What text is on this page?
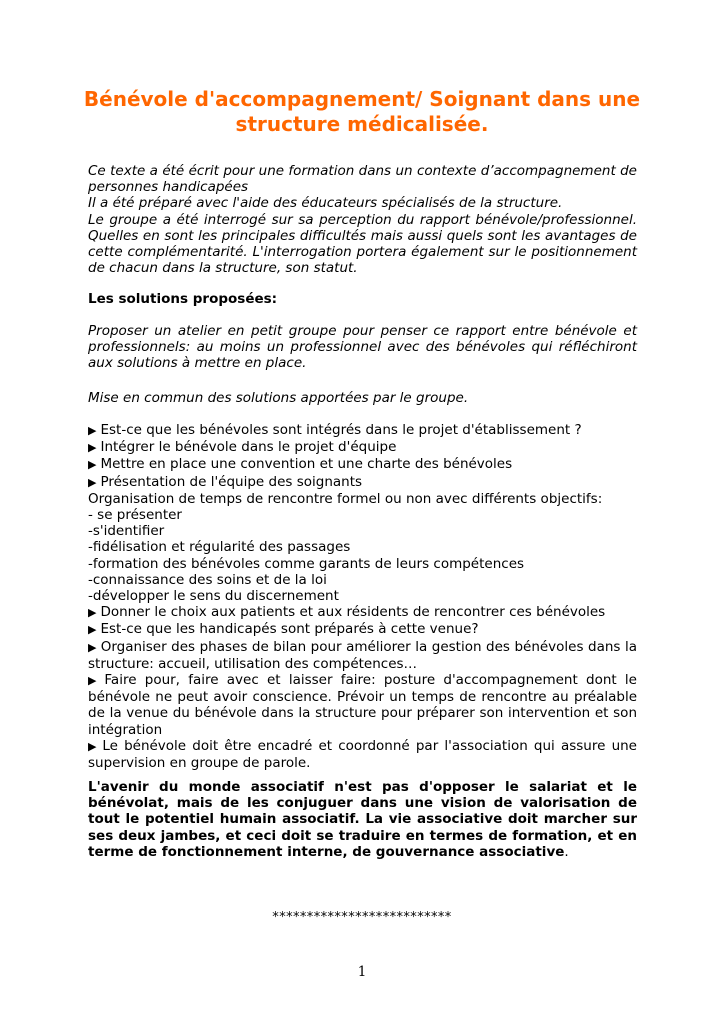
Bénévole d'accompagnement/ Soignant dans une structure médicalisée.

Ce texte a été écrit pour une formation dans un contexte d’accompagnement de personnes handicapées
Il a été préparé avec l'aide des éducateurs spécialisés de la structure.
Le groupe a été interrogé sur sa perception du rapport bénévole/professionnel. Quelles en sont les principales difficultés mais aussi quels sont les avantages de cette complémentarité. L'interrogation portera également sur le positionnement de chacun dans la structure, son statut.

Les solutions proposées:

Proposer un atelier en petit groupe pour penser ce rapport entre bénévole et professionnels: au moins un professionnel avec des bénévoles qui réfléchiront aux solutions à mettre en place.

Mise en commun des solutions apportées par le groupe.

▶ Est-ce que les bénévoles sont intégrés dans le projet d'établissement ?
▶ Intégrer le bénévole dans le projet d'équipe
▶ Mettre en place une convention et une charte des bénévoles
▶ Présentation de l'équipe des soignants
Organisation de temps de rencontre formel ou non avec différents objectifs:
- se présenter
-s'identifier
-fidélisation et régularité des passages
-formation des bénévoles comme garants de leurs compétences
-connaissance des soins et de la loi
-développer le sens du discernement
▶ Donner le choix aux patients et aux résidents de rencontrer ces bénévoles
▶ Est-ce que les handicapés sont préparés à cette venue?
▶ Organiser des phases de bilan pour améliorer la gestion des bénévoles dans la structure: accueil, utilisation des compétences…
▶ Faire pour, faire avec et laisser faire: posture d'accompagnement dont le bénévole ne peut avoir conscience. Prévoir un temps de rencontre au préalable de la venue du bénévole dans la structure pour préparer son intervention et son intégration
▶ Le bénévole doit être encadré et coordonné par l'association qui assure une supervision en groupe de parole.

L'avenir du monde associatif n'est pas d'opposer le salariat et le bénévolat, mais de les conjuguer dans une vision de valorisation de tout le potentiel humain associatif. La vie associative doit marcher sur ses deux jambes, et ceci doit se traduire en termes de formation, et en terme de fonctionnement interne, de gouvernance associative.

**************************
1
